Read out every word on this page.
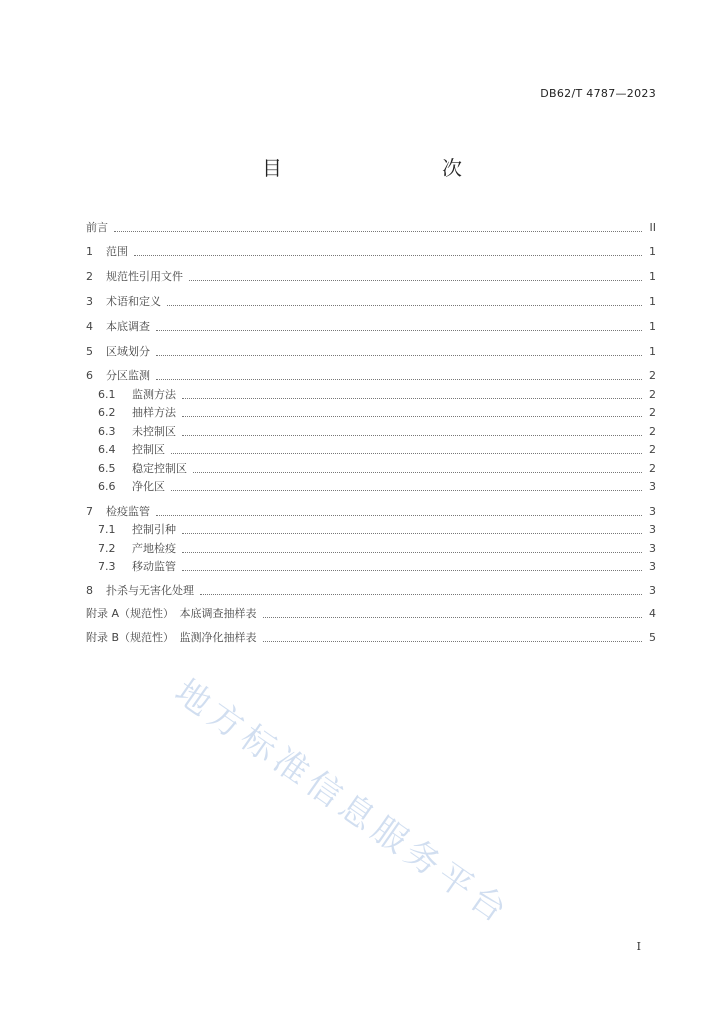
DB62/T 4787—2023
目　　次
前言	II
1	范围	1
2	规范性引用文件	1
3	术语和定义	1
4	本底调查	1
5	区域划分	1
6	分区监测	2
6.1	监测方法	2
6.2	抽样方法	2
6.3	未控制区	2
6.4	控制区	2
6.5	稳定控制区	2
6.6	净化区	3
7	检疫监管	3
7.1	控制引种	3
7.2	产地检疫	3
7.3	移动监管	3
8	扑杀与无害化处理	3
附录 A（规范性）　本底调查抽样表	4
附录 B（规范性）　监测净化抽样表	5
I
地方标准信息服务平台
